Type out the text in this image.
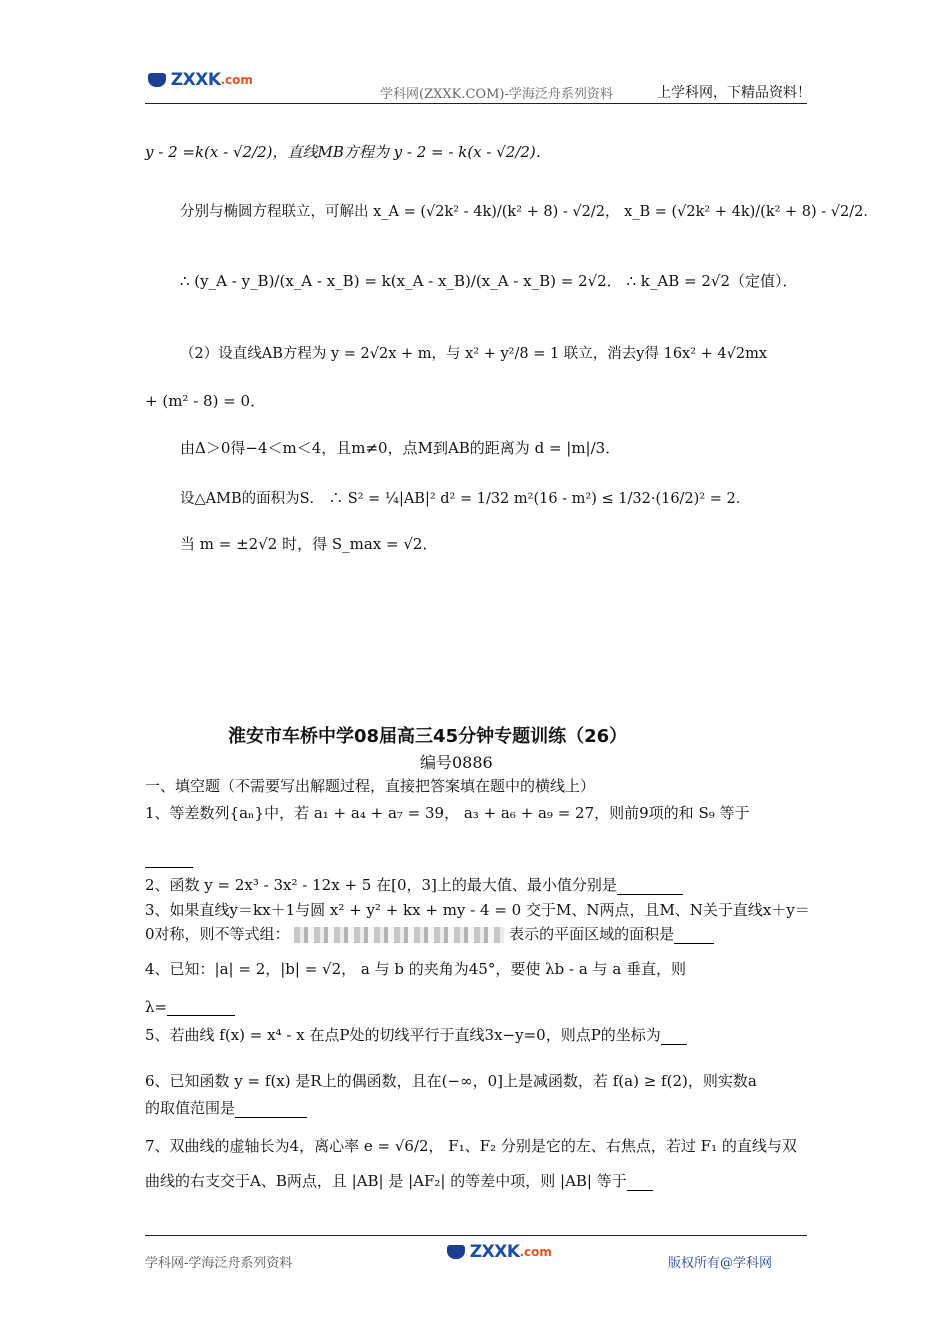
ZXXK.com
学科网(ZXXK.COM)-学海泛舟系列资料	上学科网，下精品资料！
y - 2 =k(x - √2/2)，直线MB方程为 y - 2 = - k(x - √2/2)．
分别与椭圆方程联立，可解出 x_A = (√2k² - 4k)/(k² + 8) - √2/2， x_B = (√2k² + 4k)/(k² + 8) - √2/2．
∴ (y_A - y_B)/(x_A - x_B) = k(x_A - x_B)/(x_A - x_B) = 2√2． ∴ k_AB = 2√2（定值）．
（2）设直线AB方程为 y = 2√2x + m，与 x² + y²/8 = 1 联立，消去y得 16x² + 4√2mx
+ (m² - 8) = 0．
由Δ＞0得−4＜m＜4，且m≠0，点M到AB的距离为 d = |m|/3．
设△AMB的面积为S． ∴ S² = ¼|AB|² d² = 1/32 m²(16 - m²) ≤ 1/32·(16/2)² = 2．
当 m = ±2√2 时，得 S_max = √2．
淮安市车桥中学08届高三45分钟专题训练（26）
编号0886
一、填空题（不需要写出解题过程，直接把答案填在题中的横线上）
1、等差数列{aₙ}中，若 a₁ + a₄ + a₇ = 39， a₃ + a₆ + a₉ = 27，则前9项的和 S₉ 等于
2、函数 y = 2x³ - 3x² - 12x + 5 在[0，3]上的最大值、最小值分别是
3、如果直线y＝kx＋1与圆 x² + y² + kx + my - 4 = 0 交于M、N两点，且M、N关于直线x＋y＝
0对称，则不等式组：	表示的平面区域的面积是
4、已知：|a| = 2，|b| = √2， a 与 b 的夹角为45°，要使 λb - a 与 a 垂直，则
λ=
5、若曲线 f(x) = x⁴ - x 在点P处的切线平行于直线3x−y=0，则点P的坐标为
6、已知函数 y = f(x) 是R上的偶函数，且在(−∞，0]上是减函数，若 f(a) ≥ f(2)，则实数a
的取值范围是
7、双曲线的虚轴长为4，离心率 e = √6/2， F₁、F₂ 分别是它的左、右焦点，若过 F₁ 的直线与双
曲线的右支交于A、B两点，且 |AB| 是 |AF₂| 的等差中项，则 |AB| 等于
学科网-学海泛舟系列资料
ZXXK.com
版权所有@学科网
